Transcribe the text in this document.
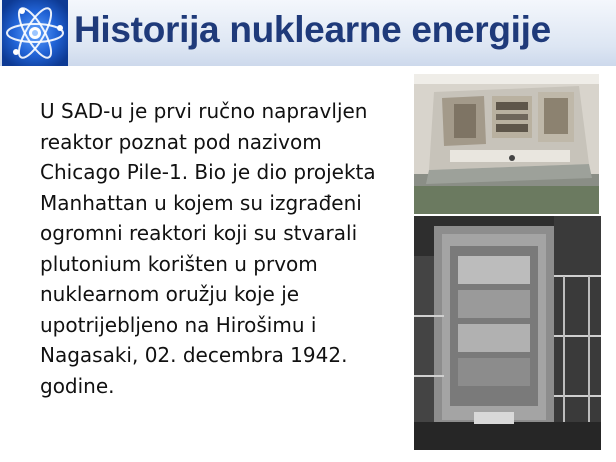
Historija nuklearne energije
U SAD-u je prvi ručno napravljen reaktor poznat pod nazivom Chicago Pile-1. Bio je dio projekta Manhattan u kojem su izgrađeni ogromni reaktori koji su stvarali plutonium korišten u prvom nuklearnom oružju koje je upotrijebljeno na Hirošimu i Nagasaki, 02. decembra 1942. godine.
